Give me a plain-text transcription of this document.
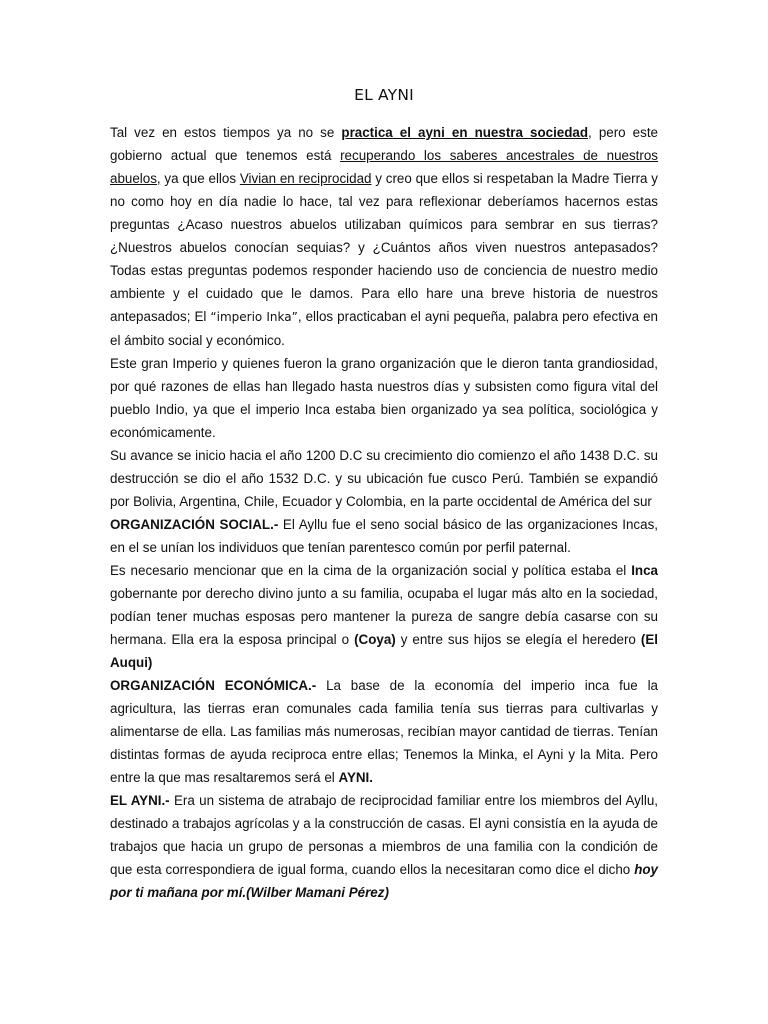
EL AYNI

Tal vez en estos tiempos ya no se practica el ayni en nuestra sociedad, pero este gobierno actual que tenemos está recuperando los saberes ancestrales de nuestros abuelos, ya que ellos Vivian en reciprocidad y creo que ellos si respetaban la Madre Tierra y no como hoy en día nadie lo hace, tal vez para reflexionar deberíamos hacernos estas preguntas ¿Acaso nuestros abuelos utilizaban químicos para sembrar en sus tierras?¿Nuestros abuelos conocían sequias? y ¿Cuántos años viven nuestros antepasados? Todas estas preguntas podemos responder haciendo uso de conciencia de nuestro medio ambiente y el cuidado que le damos. Para ello hare una breve historia de nuestros antepasados; El “imperio Inka”, ellos practicaban el ayni pequeña, palabra pero efectiva en el ámbito social y económico.

Este gran Imperio y quienes fueron la grano organización que le dieron tanta grandiosidad, por qué razones de ellas han llegado hasta nuestros días y subsisten como figura vital del pueblo Indio, ya que el imperio Inca estaba bien organizado ya sea política, sociológica y económicamente.

Su avance se inicio hacia el año 1200 D.C su crecimiento dio comienzo el año 1438 D.C. su destrucción se dio el año 1532 D.C. y su ubicación fue cusco Perú. También se expandió por Bolivia, Argentina, Chile, Ecuador y Colombia, en la parte occidental de América del sur

ORGANIZACIÓN SOCIAL.- El Ayllu fue el seno social básico de las organizaciones Incas, en el se unían los individuos que tenían parentesco común por perfil paternal.

Es necesario mencionar que en la cima de la organización social y política estaba el Inca gobernante por derecho divino junto a su familia, ocupaba el lugar más alto en la sociedad, podían tener muchas esposas pero mantener la pureza de sangre debía casarse con su hermana. Ella era la esposa principal o (Coya) y entre sus hijos se elegía el heredero (El Auqui)

ORGANIZACIÓN ECONÓMICA.- La base de la economía del imperio inca fue la agricultura, las tierras eran comunales cada familia tenía sus tierras para cultivarlas y alimentarse de ella. Las familias más numerosas, recibían mayor cantidad de tierras. Tenían distintas formas de ayuda reciproca entre ellas; Tenemos la Minka, el Ayni y la Mita. Pero entre la que mas resaltaremos será el AYNI.

EL AYNI.- Era un sistema de atrabajo de reciprocidad familiar entre los miembros del Ayllu, destinado a trabajos agrícolas y a la construcción de casas. El ayni consistía en la ayuda de trabajos que hacia un grupo de personas a miembros de una familia con la condición de que esta correspondiera de igual forma, cuando ellos la necesitaran como dice el dicho hoy por ti mañana por mí.(Wilber Mamani Pérez)
